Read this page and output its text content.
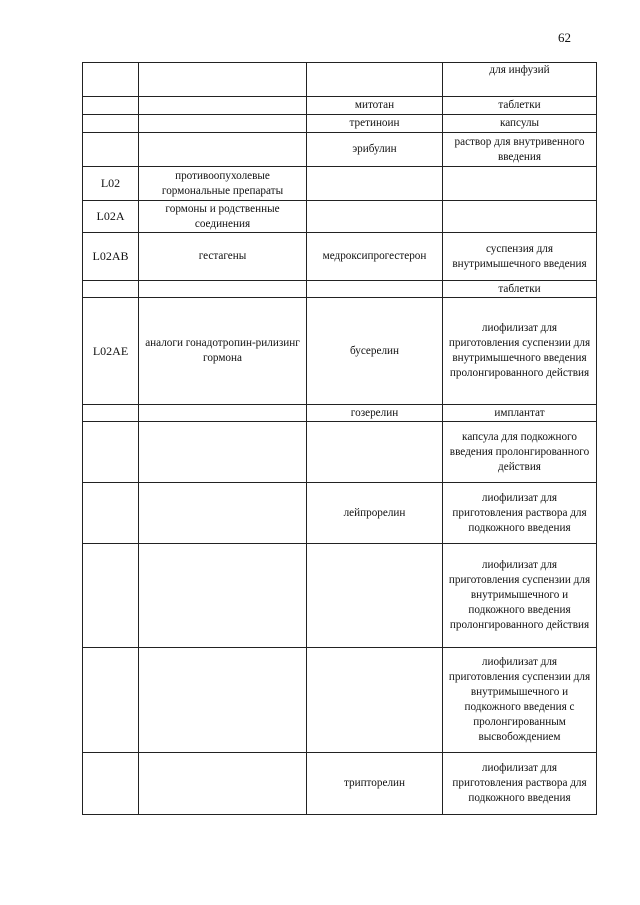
62
			для инфузий
		митотан	таблетки
		третиноин	капсулы
		эрибулин	раствор для внутривенного введения
L02	противоопухолевые гормональные препараты		
L02A	гормоны и родственные соединения		
L02AB	гестагены	медроксипрогестерон	суспензия для внутримышечного введения
			таблетки
L02AE	аналоги гонадотропин-рилизинг гормона	бусерелин	лиофилизат для приготовления суспензии для внутримышечного введения пролонгированного действия
		гозерелин	имплантат
			капсула для подкожного введения пролонгированного действия
		лейпрорелин	лиофилизат для приготовления раствора для подкожного введения
			лиофилизат для приготовления суспензии для внутримышечного и подкожного введения пролонгированного действия
			лиофилизат для приготовления суспензии для внутримышечного и подкожного введения с пролонгированным высвобождением
		трипторелин	лиофилизат для приготовления раствора для подкожного введения
